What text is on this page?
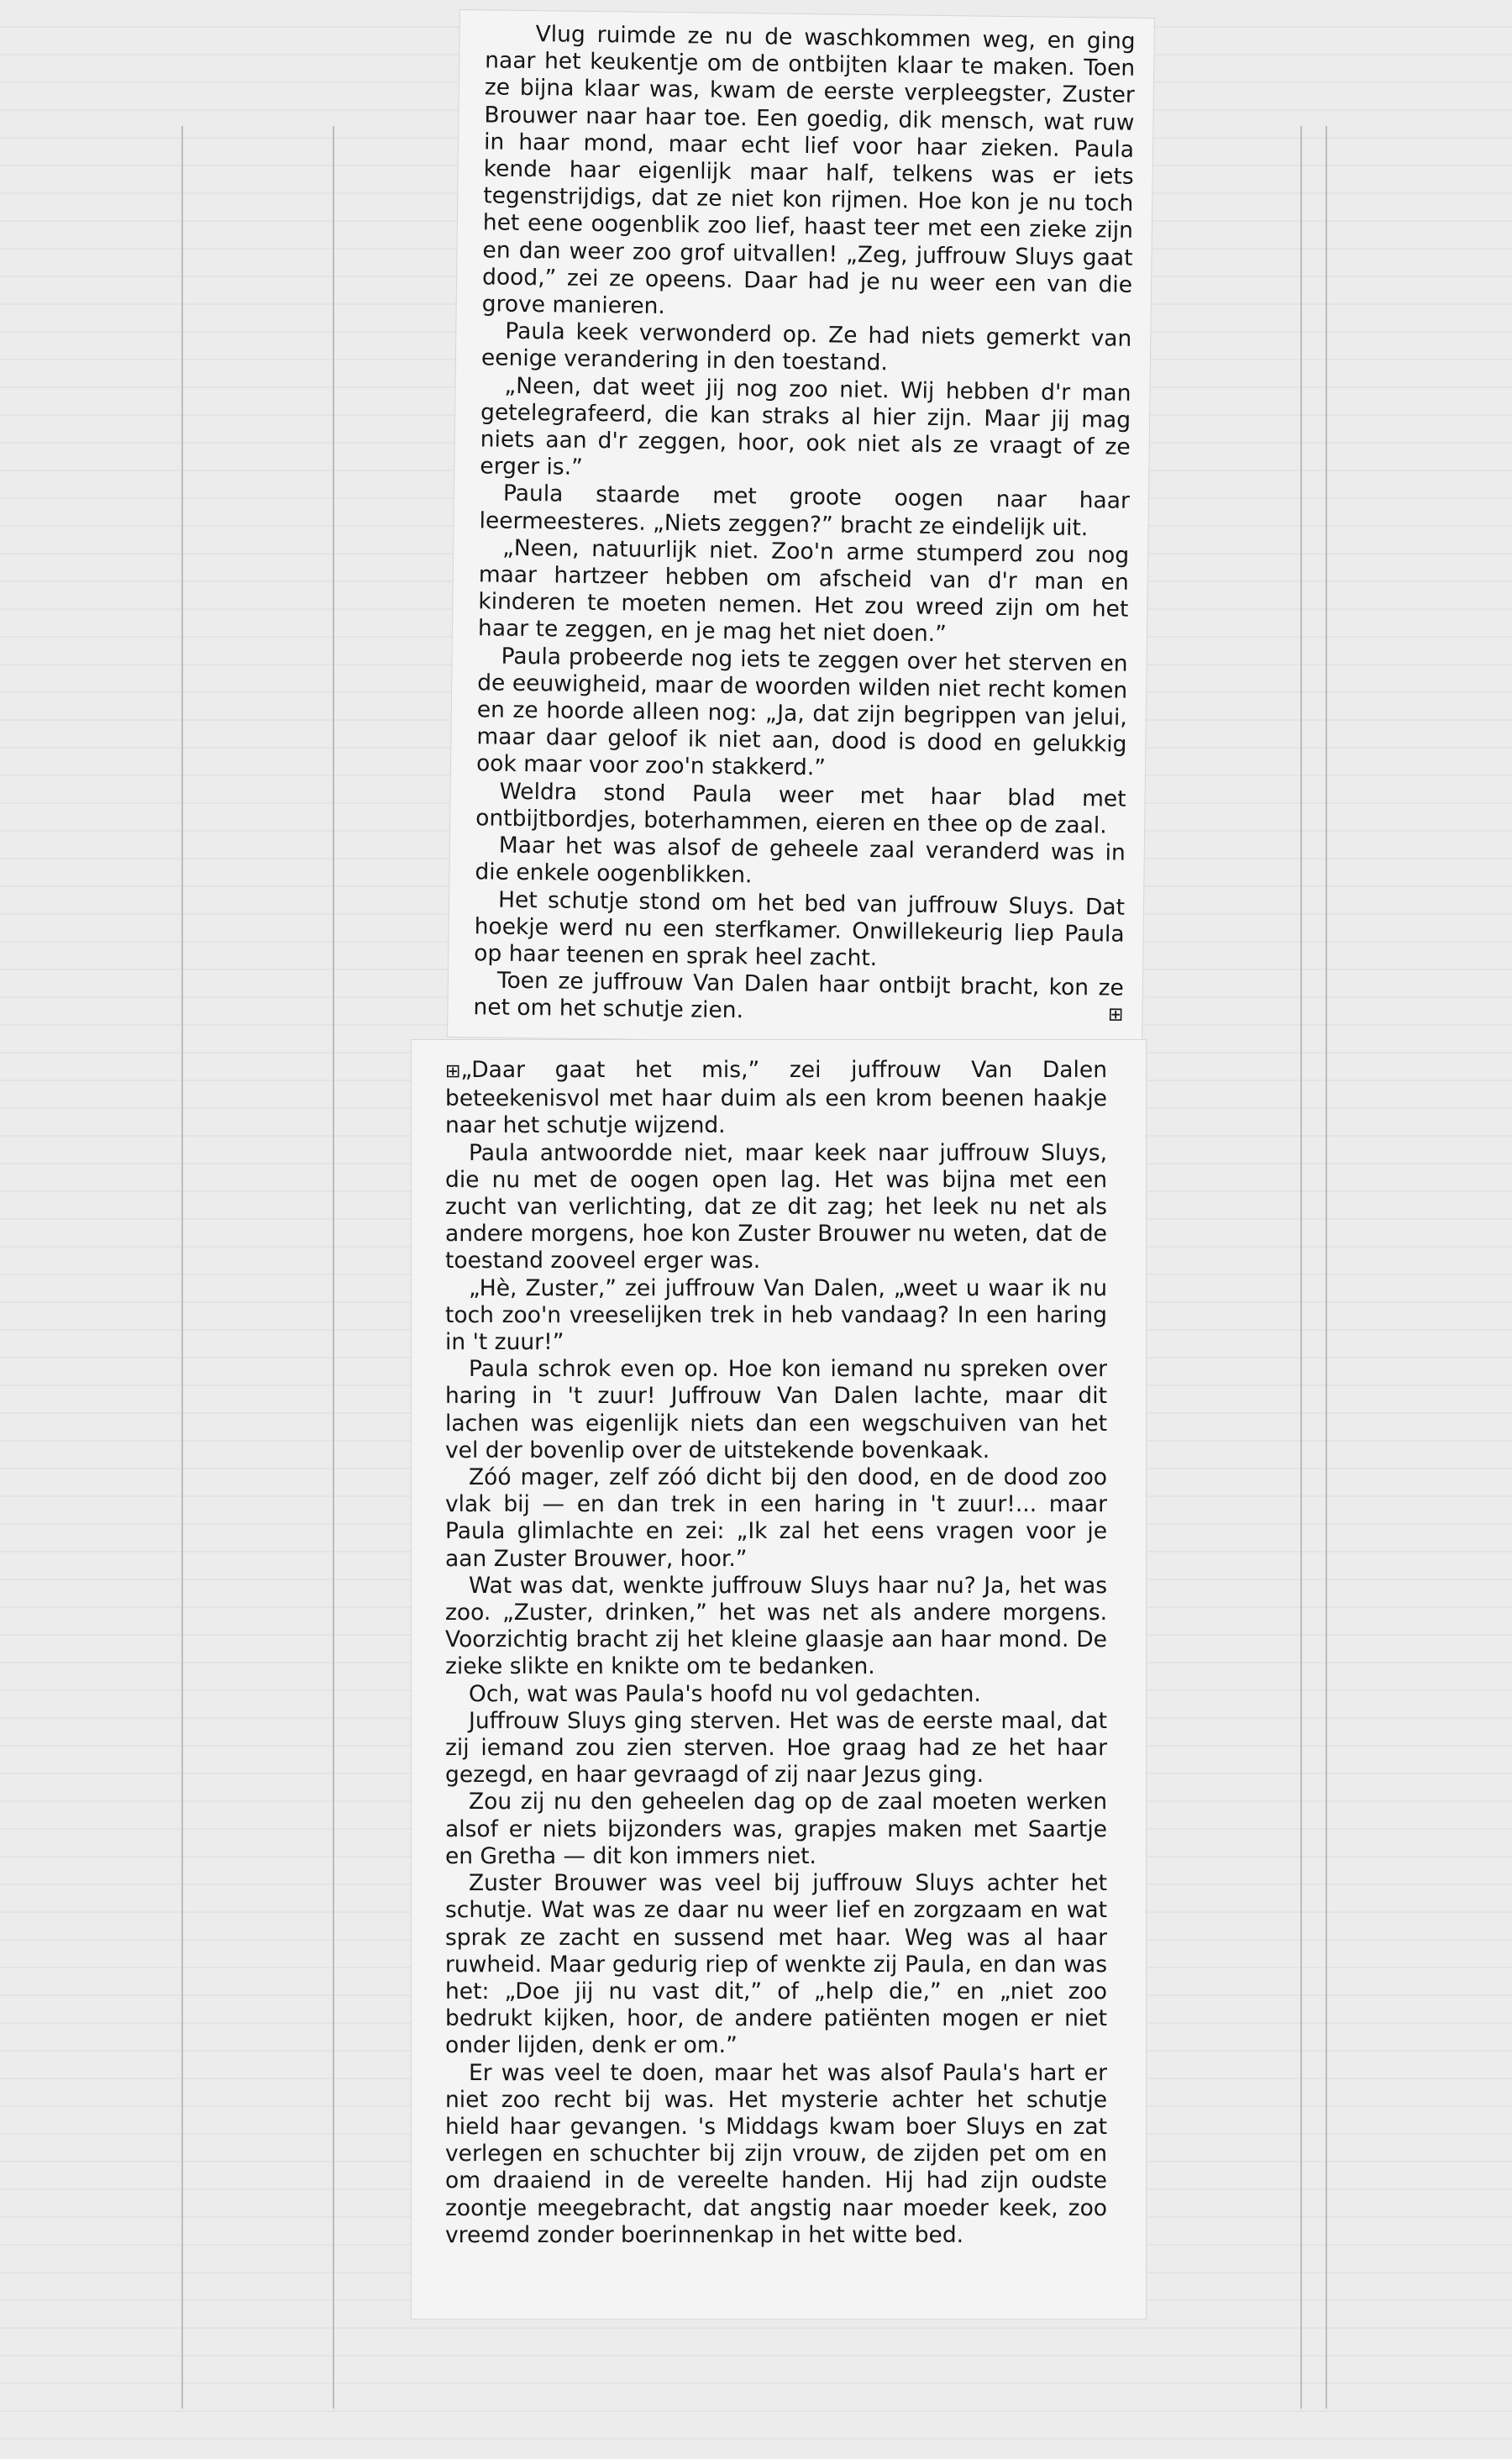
Vlug ruimde ze nu de waschkommen weg, en ging naar het keukentje om de ontbijten klaar te maken. Toen ze bijna klaar was, kwam de eerste verpleegster, Zuster Brouwer naar haar toe. Een goedig, dik mensch, wat ruw in haar mond, maar echt lief voor haar zieken. Paula kende haar eigenlijk maar half, telkens was er iets tegenstrijdigs, dat ze niet kon rijmen. Hoe kon je nu toch het eene oogenblik zoo lief, haast teer met een zieke zijn en dan weer zoo grof uitvallen! „Zeg, juffrouw Sluys gaat dood,” zei ze opeens. Daar had je nu weer een van die grove manieren.

Paula keek verwonderd op. Ze had niets gemerkt van eenige verandering in den toestand.

„Neen, dat weet jij nog zoo niet. Wij hebben d'r man getelegrafeerd, die kan straks al hier zijn. Maar jij mag niets aan d'r zeggen, hoor, ook niet als ze vraagt of ze erger is.”

Paula staarde met groote oogen naar haar leermeesteres. „Niets zeggen?” bracht ze eindelijk uit.

„Neen, natuurlijk niet. Zoo'n arme stumperd zou nog maar hartzeer hebben om afscheid van d'r man en kinderen te moeten nemen. Het zou wreed zijn om het haar te zeggen, en je mag het niet doen.”

Paula probeerde nog iets te zeggen over het sterven en de eeuwigheid, maar de woorden wilden niet recht komen en ze hoorde alleen nog: „Ja, dat zijn begrippen van jelui, maar daar geloof ik niet aan, dood is dood en gelukkig ook maar voor zoo'n stakkerd.”

Weldra stond Paula weer met haar blad met ontbijtbordjes, boterhammen, eieren en thee op de zaal.

Maar het was alsof de geheele zaal veranderd was in die enkele oogenblikken.

Het schutje stond om het bed van juffrouw Sluys. Dat hoekje werd nu een sterfkamer. Onwillekeurig liep Paula op haar teenen en sprak heel zacht.

Toen ze juffrouw Van Dalen haar ontbijt bracht, kon ze net om het schutje zien.	⊞

⊞„Daar gaat het mis,” zei juffrouw Van Dalen beteekenisvol met haar duim als een krom beenen haakje naar het schutje wijzend.

Paula antwoordde niet, maar keek naar juffrouw Sluys, die nu met de oogen open lag. Het was bijna met een zucht van verlichting, dat ze dit zag; het leek nu net als andere morgens, hoe kon Zuster Brouwer nu weten, dat de toestand zooveel erger was.

„Hè, Zuster,” zei juffrouw Van Dalen, „weet u waar ik nu toch zoo'n vreeselijken trek in heb vandaag? In een haring in 't zuur!”

Paula schrok even op. Hoe kon iemand nu spreken over haring in 't zuur! Juffrouw Van Dalen lachte, maar dit lachen was eigenlijk niets dan een wegschuiven van het vel der bovenlip over de uitstekende bovenkaak.

Zóó mager, zelf zóó dicht bij den dood, en de dood zoo vlak bij — en dan trek in een haring in 't zuur!... maar Paula glimlachte en zei: „Ik zal het eens vragen voor je aan Zuster Brouwer, hoor.”

Wat was dat, wenkte juffrouw Sluys haar nu? Ja, het was zoo. „Zuster, drinken,” het was net als andere morgens. Voorzichtig bracht zij het kleine glaasje aan haar mond. De zieke slikte en knikte om te bedanken.

Och, wat was Paula's hoofd nu vol gedachten.

Juffrouw Sluys ging sterven. Het was de eerste maal, dat zij iemand zou zien sterven. Hoe graag had ze het haar gezegd, en haar gevraagd of zij naar Jezus ging.

Zou zij nu den geheelen dag op de zaal moeten werken alsof er niets bijzonders was, grapjes maken met Saartje en Gretha — dit kon immers niet.

Zuster Brouwer was veel bij juffrouw Sluys achter het schutje. Wat was ze daar nu weer lief en zorgzaam en wat sprak ze zacht en sussend met haar. Weg was al haar ruwheid. Maar gedurig riep of wenkte zij Paula, en dan was het: „Doe jij nu vast dit,” of „help die,” en „niet zoo bedrukt kijken, hoor, de andere patiënten mogen er niet onder lijden, denk er om.”

Er was veel te doen, maar het was alsof Paula's hart er niet zoo recht bij was. Het mysterie achter het schutje hield haar gevangen. 's Middags kwam boer Sluys en zat verlegen en schuchter bij zijn vrouw, de zijden pet om en om draaiend in de vereelte handen. Hij had zijn oudste zoontje meegebracht, dat angstig naar moeder keek, zoo vreemd zonder boerinnenkap in het witte bed.
